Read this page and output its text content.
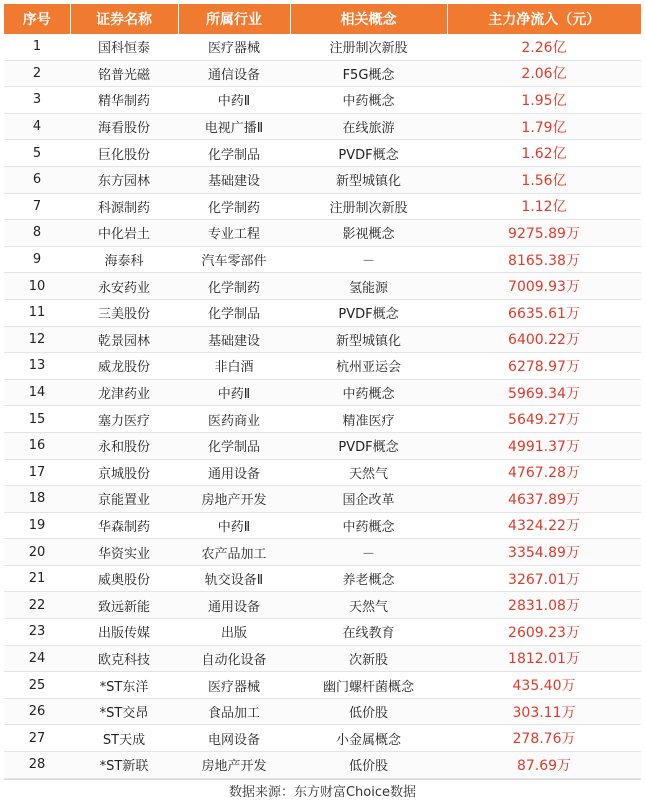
序号	证券名称	所属行业	相关概念	主力净流入（元）
1	国科恒泰	医疗器械	注册制次新股	2.26亿
2	铭普光磁	通信设备	F5G概念	2.06亿
3	精华制药	中药Ⅱ	中药概念	1.95亿
4	海看股份	电视广播Ⅱ	在线旅游	1.79亿
5	巨化股份	化学制品	PVDF概念	1.62亿
6	东方园林	基础建设	新型城镇化	1.56亿
7	科源制药	化学制药	注册制次新股	1.12亿
8	中化岩土	专业工程	影视概念	9275.89万
9	海泰科	汽车零部件	－	8165.38万
10	永安药业	化学制药	氢能源	7009.93万
11	三美股份	化学制品	PVDF概念	6635.61万
12	乾景园林	基础建设	新型城镇化	6400.22万
13	威龙股份	非白酒	杭州亚运会	6278.97万
14	龙津药业	中药Ⅱ	中药概念	5969.34万
15	塞力医疗	医药商业	精准医疗	5649.27万
16	永和股份	化学制品	PVDF概念	4991.37万
17	京城股份	通用设备	天然气	4767.28万
18	京能置业	房地产开发	国企改革	4637.89万
19	华森制药	中药Ⅱ	中药概念	4324.22万
20	华资实业	农产品加工	－	3354.89万
21	威奥股份	轨交设备Ⅱ	养老概念	3267.01万
22	致远新能	通用设备	天然气	2831.08万
23	出版传媒	出版	在线教育	2609.23万
24	欧克科技	自动化设备	次新股	1812.01万
25	*ST东洋	医疗器械	幽门螺杆菌概念	435.40万
26	*ST交昂	食品加工	低价股	303.11万
27	ST天成	电网设备	小金属概念	278.76万
28	*ST新联	房地产开发	低价股	87.69万
数据来源：东方财富Choice数据
